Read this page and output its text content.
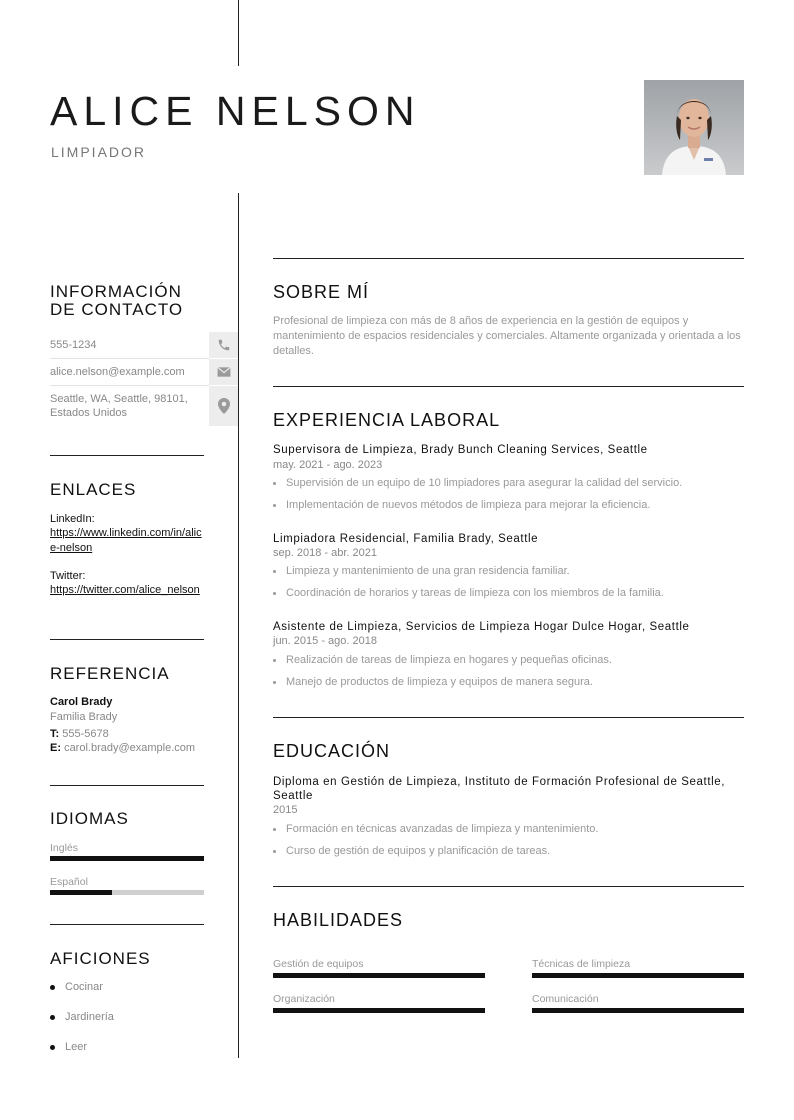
ALICE NELSON
LIMPIADOR
INFORMACIÓN DE CONTACTO
555-1234
alice.nelson@example.com
Seattle, WA, Seattle, 98101, Estados Unidos
ENLACES
LinkedIn:
https://www.linkedin.com/in/alice-nelson
Twitter:
https://twitter.com/alice_nelson
REFERENCIA
Carol Brady
Familia Brady
T: 555-5678
E: carol.brady@example.com
IDIOMAS
Inglés
Español
AFICIONES
Cocinar
Jardinería
Leer
SOBRE MÍ
Profesional de limpieza con más de 8 años de experiencia en la gestión de equipos y mantenimiento de espacios residenciales y comerciales. Altamente organizada y orientada a los detalles.
EXPERIENCIA LABORAL
Supervisora de Limpieza, Brady Bunch Cleaning Services, Seattle
may. 2021 - ago. 2023
Supervisión de un equipo de 10 limpiadores para asegurar la calidad del servicio.
Implementación de nuevos métodos de limpieza para mejorar la eficiencia.
Limpiadora Residencial, Familia Brady, Seattle
sep. 2018 - abr. 2021
Limpieza y mantenimiento de una gran residencia familiar.
Coordinación de horarios y tareas de limpieza con los miembros de la familia.
Asistente de Limpieza, Servicios de Limpieza Hogar Dulce Hogar, Seattle
jun. 2015 - ago. 2018
Realización de tareas de limpieza en hogares y pequeñas oficinas.
Manejo de productos de limpieza y equipos de manera segura.
EDUCACIÓN
Diploma en Gestión de Limpieza, Instituto de Formación Profesional de Seattle, Seattle
2015
Formación en técnicas avanzadas de limpieza y mantenimiento.
Curso de gestión de equipos y planificación de tareas.
HABILIDADES
Gestión de equipos	Técnicas de limpieza
Organización	Comunicación
